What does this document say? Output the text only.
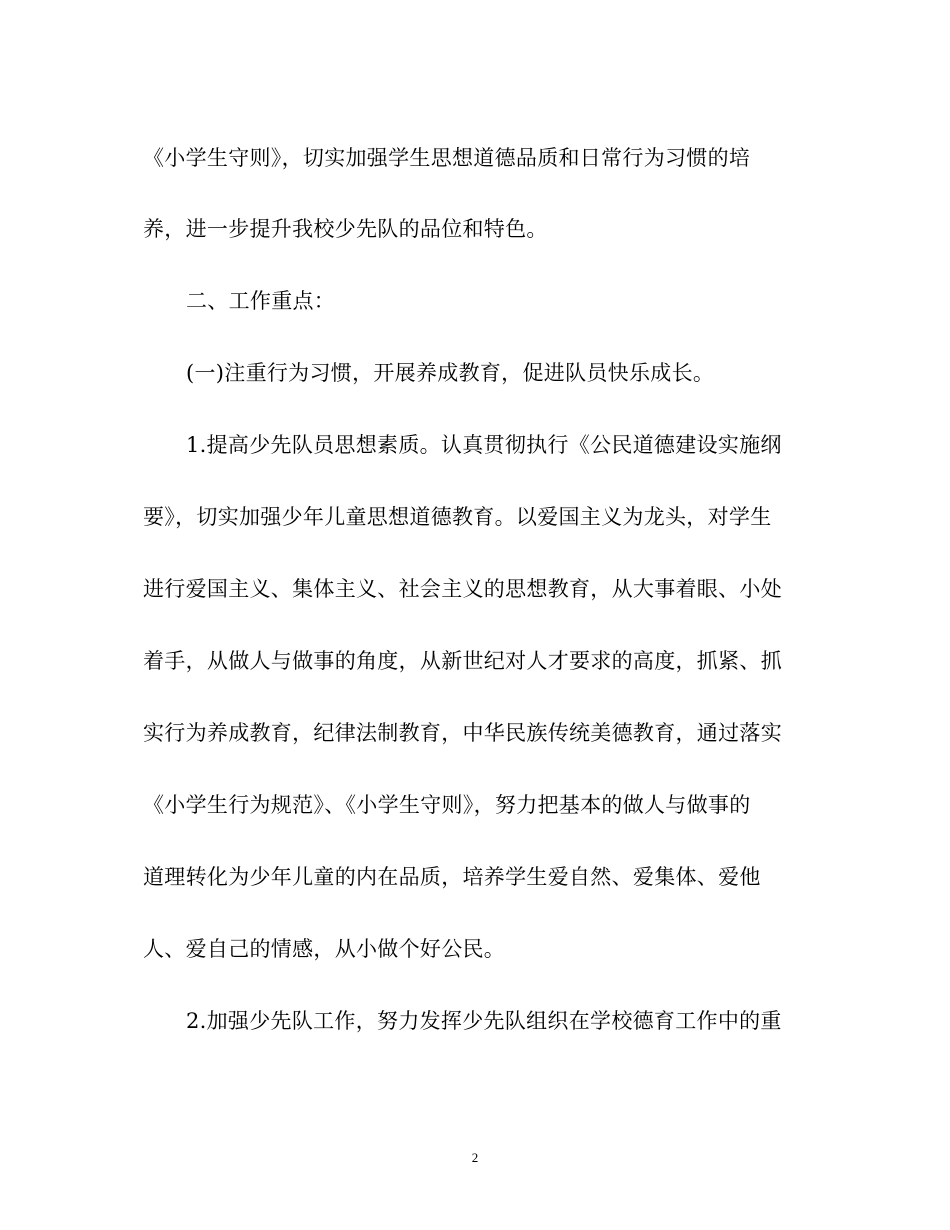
《小学生守则》，切实加强学生思想道德品质和日常行为习惯的培
养，进一步提升我校少先队的品位和特色。
二、工作重点：
(一)注重行为习惯，开展养成教育，促进队员快乐成长。
1.提高少先队员思想素质。认真贯彻执行《公民道德建设实施纲
要》，切实加强少年儿童思想道德教育。以爱国主义为龙头，对学生
进行爱国主义、集体主义、社会主义的思想教育，从大事着眼、小处
着手，从做人与做事的角度，从新世纪对人才要求的高度，抓紧、抓
实行为养成教育，纪律法制教育，中华民族传统美德教育，通过落实
《小学生行为规范》、《小学生守则》，努力把基本的做人与做事的
道理转化为少年儿童的内在品质，培养学生爱自然、爱集体、爱他
人、爱自己的情感，从小做个好公民。
2.加强少先队工作，努力发挥少先队组织在学校德育工作中的重
2
